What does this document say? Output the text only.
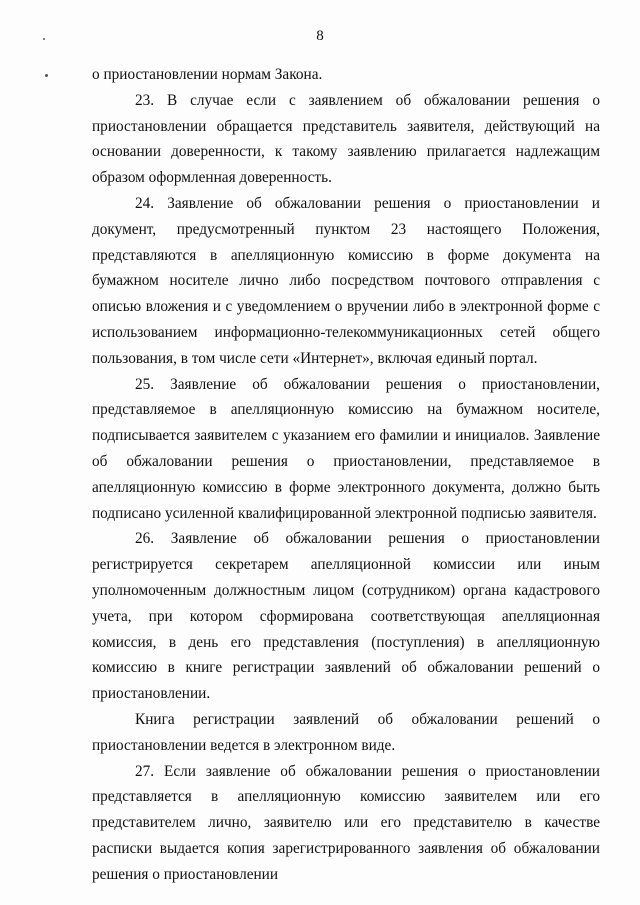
8

о приостановлении нормам Закона.

23. В случае если с заявлением об обжаловании решения о приостановлении обращается представитель заявителя, действующий на основании доверенности, к такому заявлению прилагается надлежащим образом оформленная доверенность.

24. Заявление об обжаловании решения о приостановлении и документ, предусмотренный пунктом 23 настоящего Положения, представляются в апелляционную комиссию в форме документа на бумажном носителе лично либо посредством почтового отправления с описью вложения и с уведомлением о вручении либо в электронной форме с использованием информационно-телекоммуникационных сетей общего пользования, в том числе сети «Интернет», включая единый портал.

25. Заявление об обжаловании решения о приостановлении, представляемое в апелляционную комиссию на бумажном носителе, подписывается заявителем с указанием его фамилии и инициалов. Заявление об обжаловании решения о приостановлении, представляемое в апелляционную комиссию в форме электронного документа, должно быть подписано усиленной квалифицированной электронной подписью заявителя.

26. Заявление об обжаловании решения о приостановлении регистрируется секретарем апелляционной комиссии или иным уполномоченным должностным лицом (сотрудником) органа кадастрового учета, при котором сформирована соответствующая апелляционная комиссия, в день его представления (поступления) в апелляционную комиссию в книге регистрации заявлений об обжаловании решений о приостановлении.

Книга регистрации заявлений об обжаловании решений о приостановлении ведется в электронном виде.

27. Если заявление об обжаловании решения о приостановлении представляется в апелляционную комиссию заявителем или его представителем лично, заявителю или его представителю в качестве расписки выдается копия зарегистрированного заявления об обжаловании решения о приостановлении
